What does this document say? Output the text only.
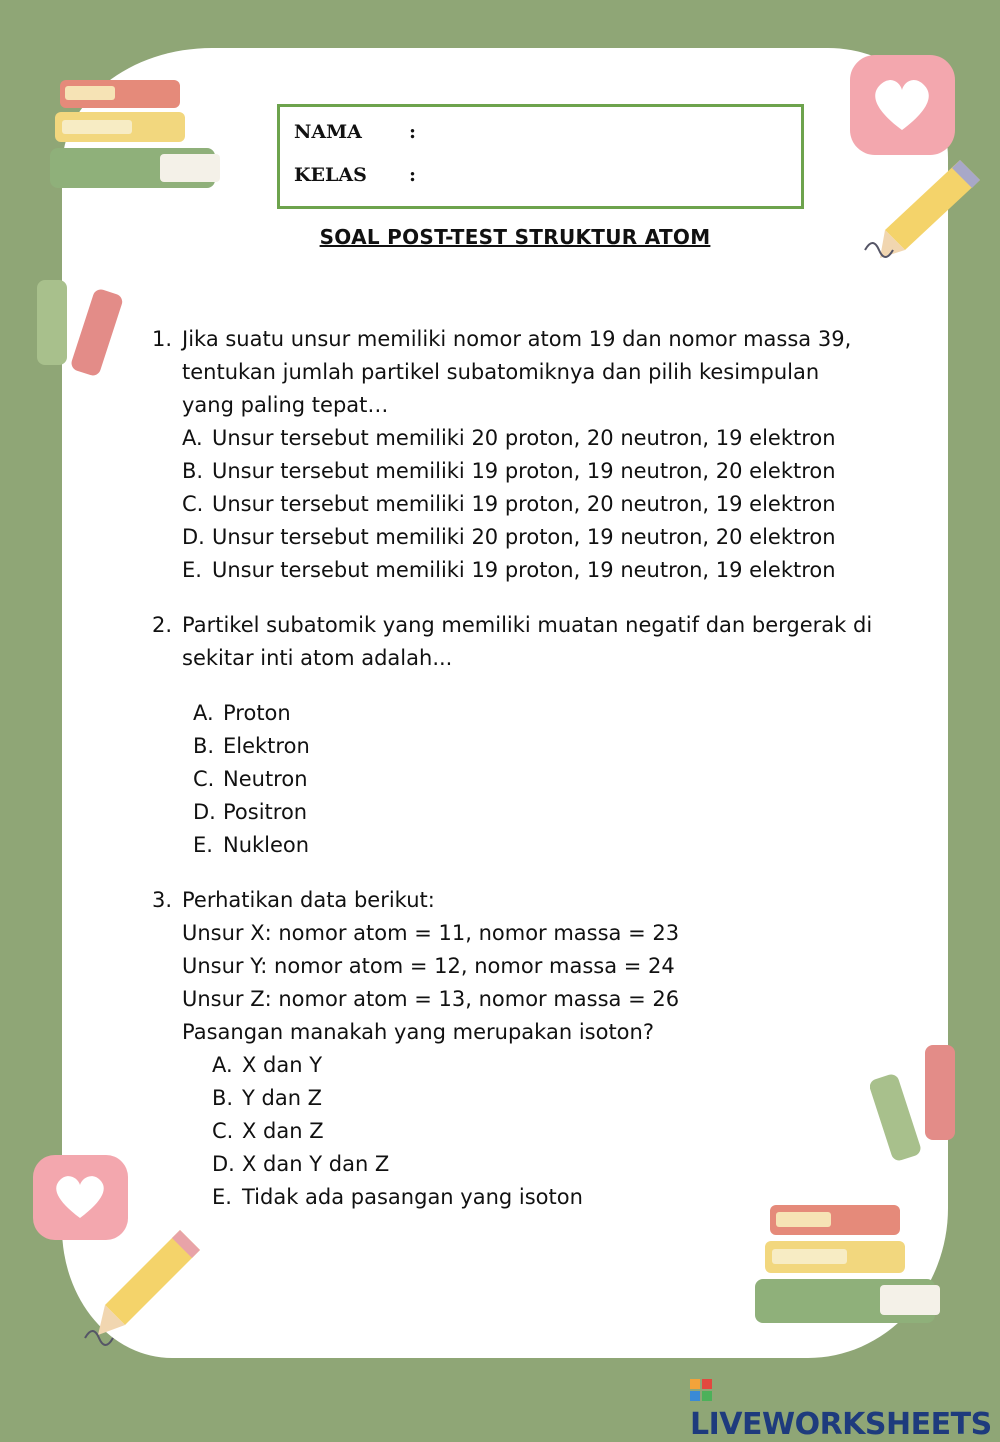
NAMA :
KELAS :
SOAL POST-TEST STRUKTUR ATOM
1. Jika suatu unsur memiliki nomor atom 19 dan nomor massa 39,
tentukan jumlah partikel subatomiknya dan pilih kesimpulan
yang paling tepat…
A. Unsur tersebut memiliki 20 proton, 20 neutron, 19 elektron
B. Unsur tersebut memiliki 19 proton, 19 neutron, 20 elektron
C. Unsur tersebut memiliki 19 proton, 20 neutron, 19 elektron
D. Unsur tersebut memiliki 20 proton, 19 neutron, 20 elektron
E. Unsur tersebut memiliki 19 proton, 19 neutron, 19 elektron
2. Partikel subatomik yang memiliki muatan negatif dan bergerak di
sekitar inti atom adalah...
A. Proton
B. Elektron
C. Neutron
D. Positron
E. Nukleon
3. Perhatikan data berikut:
Unsur X: nomor atom = 11, nomor massa = 23
Unsur Y: nomor atom = 12, nomor massa = 24
Unsur Z: nomor atom = 13, nomor massa = 26
Pasangan manakah yang merupakan isoton?
A. X dan Y
B. Y dan Z
C. X dan Z
D. X dan Y dan Z
E. Tidak ada pasangan yang isoton
LIVEWORKSHEETS
